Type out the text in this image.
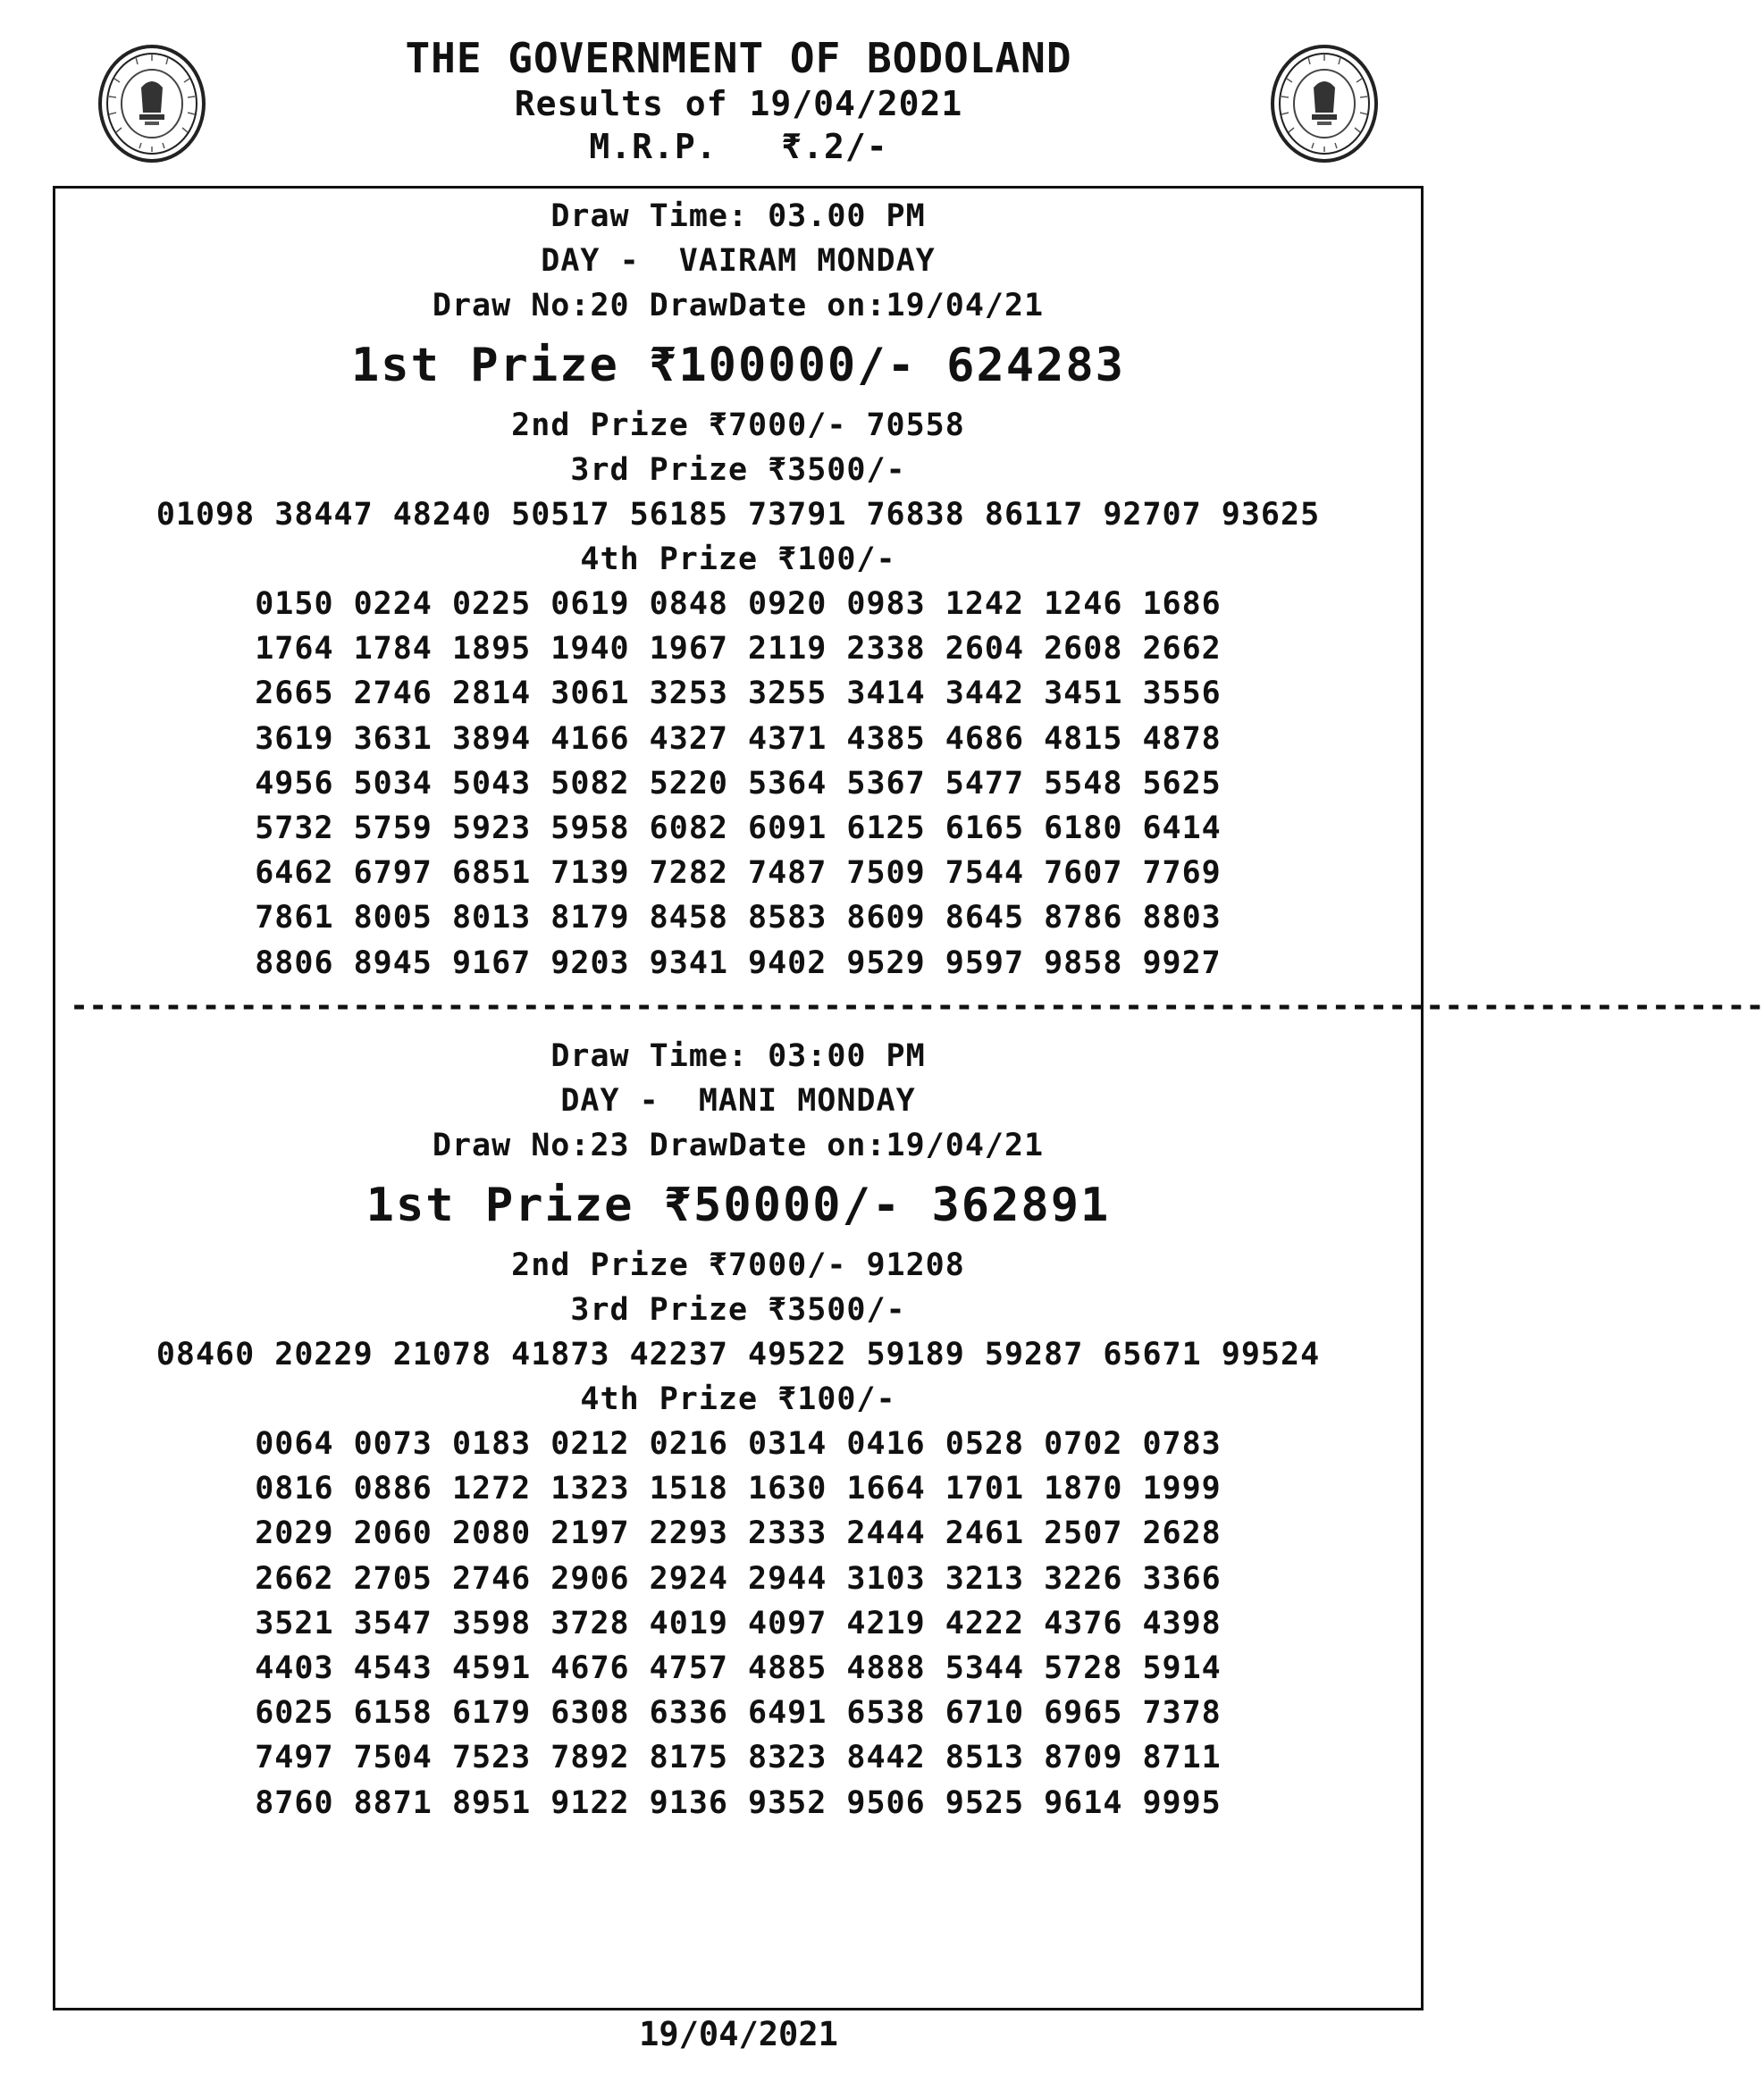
THE GOVERNMENT OF BODOLAND
Results of 19/04/2021
M.R.P.   ₹.2/-
Draw Time: 03.00 PM
DAY -  VAIRAM MONDAY
Draw No:20 DrawDate on:19/04/21
1st Prize ₹100000/- 624283
2nd Prize ₹7000/- 70558
3rd Prize ₹3500/-
01098 38447 48240 50517 56185 73791 76838 86117 92707 93625
4th Prize ₹100/-
0150 0224 0225 0619 0848 0920 0983 1242 1246 1686
1764 1784 1895 1940 1967 2119 2338 2604 2608 2662
2665 2746 2814 3061 3253 3255 3414 3442 3451 3556
3619 3631 3894 4166 4327 4371 4385 4686 4815 4878
4956 5034 5043 5082 5220 5364 5367 5477 5548 5625
5732 5759 5923 5958 6082 6091 6125 6165 6180 6414
6462 6797 6851 7139 7282 7487 7509 7544 7607 7769
7861 8005 8013 8179 8458 8583 8609 8645 8786 8803
8806 8945 9167 9203 9341 9402 9529 9597 9858 9927
------------------------------------------------------------------------------------------
Draw Time: 03:00 PM
DAY -  MANI MONDAY
Draw No:23 DrawDate on:19/04/21
1st Prize ₹50000/- 362891
2nd Prize ₹7000/- 91208
3rd Prize ₹3500/-
08460 20229 21078 41873 42237 49522 59189 59287 65671 99524
4th Prize ₹100/-
0064 0073 0183 0212 0216 0314 0416 0528 0702 0783
0816 0886 1272 1323 1518 1630 1664 1701 1870 1999
2029 2060 2080 2197 2293 2333 2444 2461 2507 2628
2662 2705 2746 2906 2924 2944 3103 3213 3226 3366
3521 3547 3598 3728 4019 4097 4219 4222 4376 4398
4403 4543 4591 4676 4757 4885 4888 5344 5728 5914
6025 6158 6179 6308 6336 6491 6538 6710 6965 7378
7497 7504 7523 7892 8175 8323 8442 8513 8709 8711
8760 8871 8951 9122 9136 9352 9506 9525 9614 9995
19/04/2021
